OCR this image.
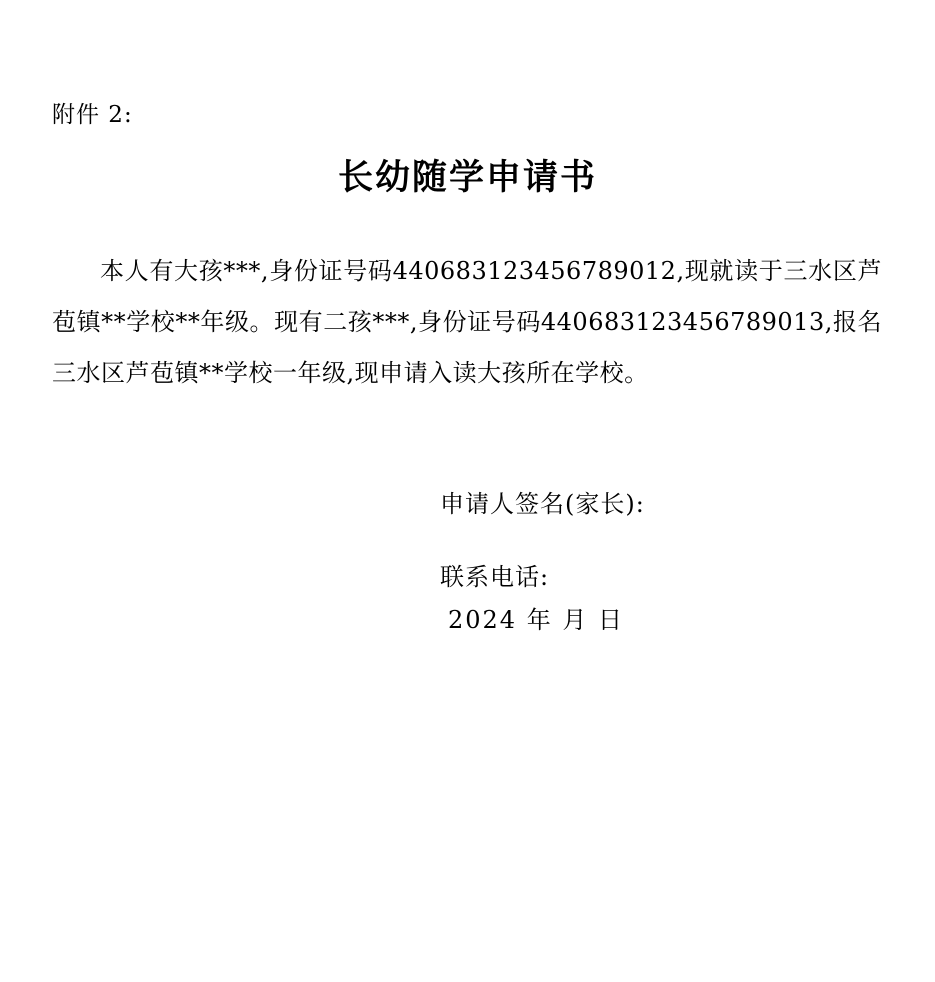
附件 2:
长幼随学申请书

本人有大孩***,身份证号码440683123456789012,现就读于三水区芦苞镇**学校**年级。现有二孩***,身份证号码440683123456789013,报名三水区芦苞镇**学校一年级,现申请入读大孩所在学校。

申请人签名(家长):
联系电话:
2024 年 月 日
